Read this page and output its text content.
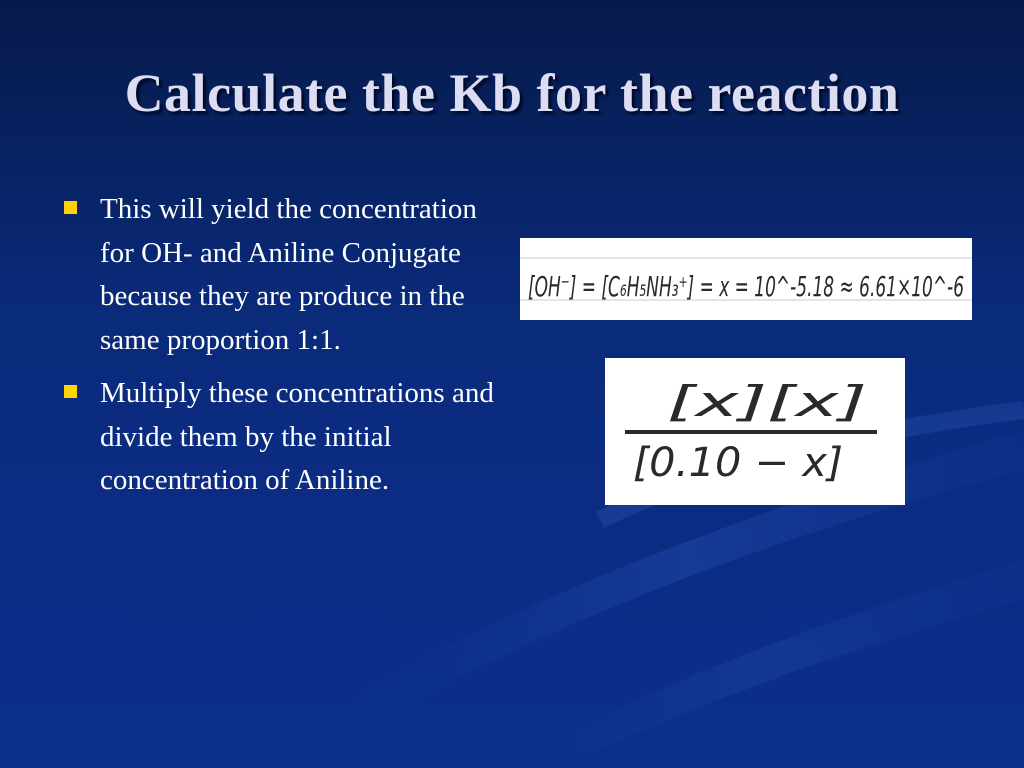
Calculate the Kb for the reaction
This will yield the concentration for OH- and Aniline Conjugate because they are produce in the same proportion 1:1.
Multiply these concentrations and divide them by the initial concentration of Aniline.
[OH⁻] = [C₆H₅NH₃⁺] = x = 10^-5.18 ≈ 6.61×10^-6
[x][x]
[0.10 − x]
